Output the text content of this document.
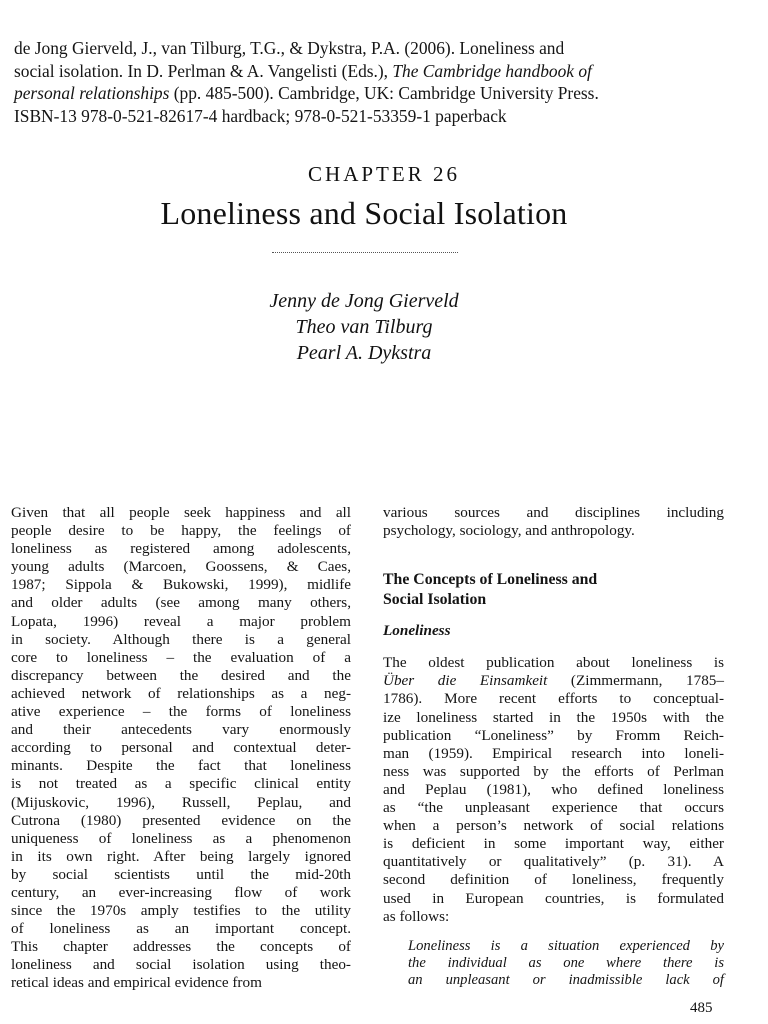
de Jong Gierveld, J., van Tilburg, T.G., & Dykstra, P.A. (2006). Loneliness and

social isolation. In D. Perlman & A. Vangelisti (Eds.), The Cambridge handbook of

personal relationships (pp. 485-500). Cambridge, UK: Cambridge University Press.

ISBN-13 978-0-521-82617-4 hardback; 978-0-521-53359-1 paperback

CHAPTER 26
Loneliness and Social Isolation
Jenny de Jong Gierveld
Theo van Tilburg
Pearl A. Dykstra
Given that all people seek happiness and all
people desire to be happy, the feelings of
loneliness as registered among adolescents,
young adults (Marcoen, Goossens, & Caes,
1987; Sippola & Bukowski, 1999), midlife
and older adults (see among many others,
Lopata, 1996) reveal a major problem
in society. Although there is a general
core to loneliness – the evaluation of a
discrepancy between the desired and the
achieved network of relationships as a neg-
ative experience – the forms of loneliness
and their antecedents vary enormously
according to personal and contextual deter-
minants. Despite the fact that loneliness
is not treated as a specific clinical entity
(Mijuskovic, 1996), Russell, Peplau, and
Cutrona (1980) presented evidence on the
uniqueness of loneliness as a phenomenon
in its own right. After being largely ignored
by social scientists until the mid-20th
century, an ever-increasing flow of work
since the 1970s amply testifies to the utility
of loneliness as an important concept.
This chapter addresses the concepts of
loneliness and social isolation using theo-
retical ideas and empirical evidence from
various sources and disciplines including
psychology, sociology, and anthropology.
The Concepts of Loneliness and
Social Isolation
Loneliness
The oldest publication about loneliness is
Über die Einsamkeit (Zimmermann, 1785–
1786). More recent efforts to conceptual-
ize loneliness started in the 1950s with the
publication “Loneliness” by Fromm Reich-
man (1959). Empirical research into loneli-
ness was supported by the efforts of Perlman
and Peplau (1981), who defined loneliness
as “the unpleasant experience that occurs
when a person’s network of social relations
is deficient in some important way, either
quantitatively or qualitatively” (p. 31). A
second definition of loneliness, frequently
used in European countries, is formulated
as follows:
Loneliness is a situation experienced by
the individual as one where there is
an unpleasant or inadmissible lack of
485
